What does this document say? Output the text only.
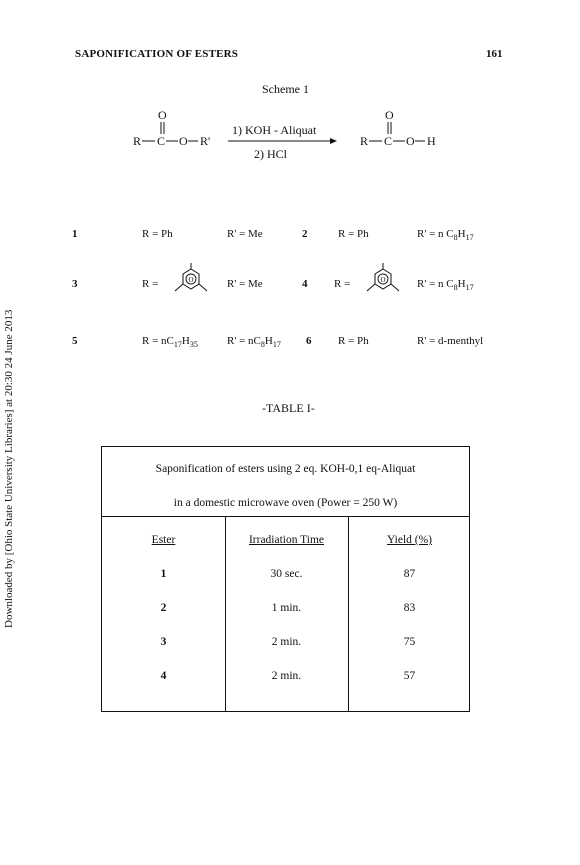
SAPONIFICATION OF ESTERS	161
Downloaded by [Ohio State University Libraries] at 20:30 24 June 2013
Scheme 1
R C
O
O R'
1) KOH - Aliquat
2) HCl
R C
O
O H
1	R = Ph	R' = Me	2	R = Ph	R' = n $C_8H_{17}$
3	R =	O	R' = Me	4 R =	O	R' = n $C_8H_{17}$
5	$R = nC_{17}H_{35}$	$R' = nC_8H_{17}$ 6 R = Ph	R' = d-menthyl
-TABLE I-
Saponification of esters using 2 eq. KOH-0,1 eq-Aliquat
in a domestic microwave oven (Power = 250 W)
Ester	Irradiation Time	Yield (%)
1	30 sec.	87
2	1 min.	83
3	2 min.	75
4	2 min.	57
